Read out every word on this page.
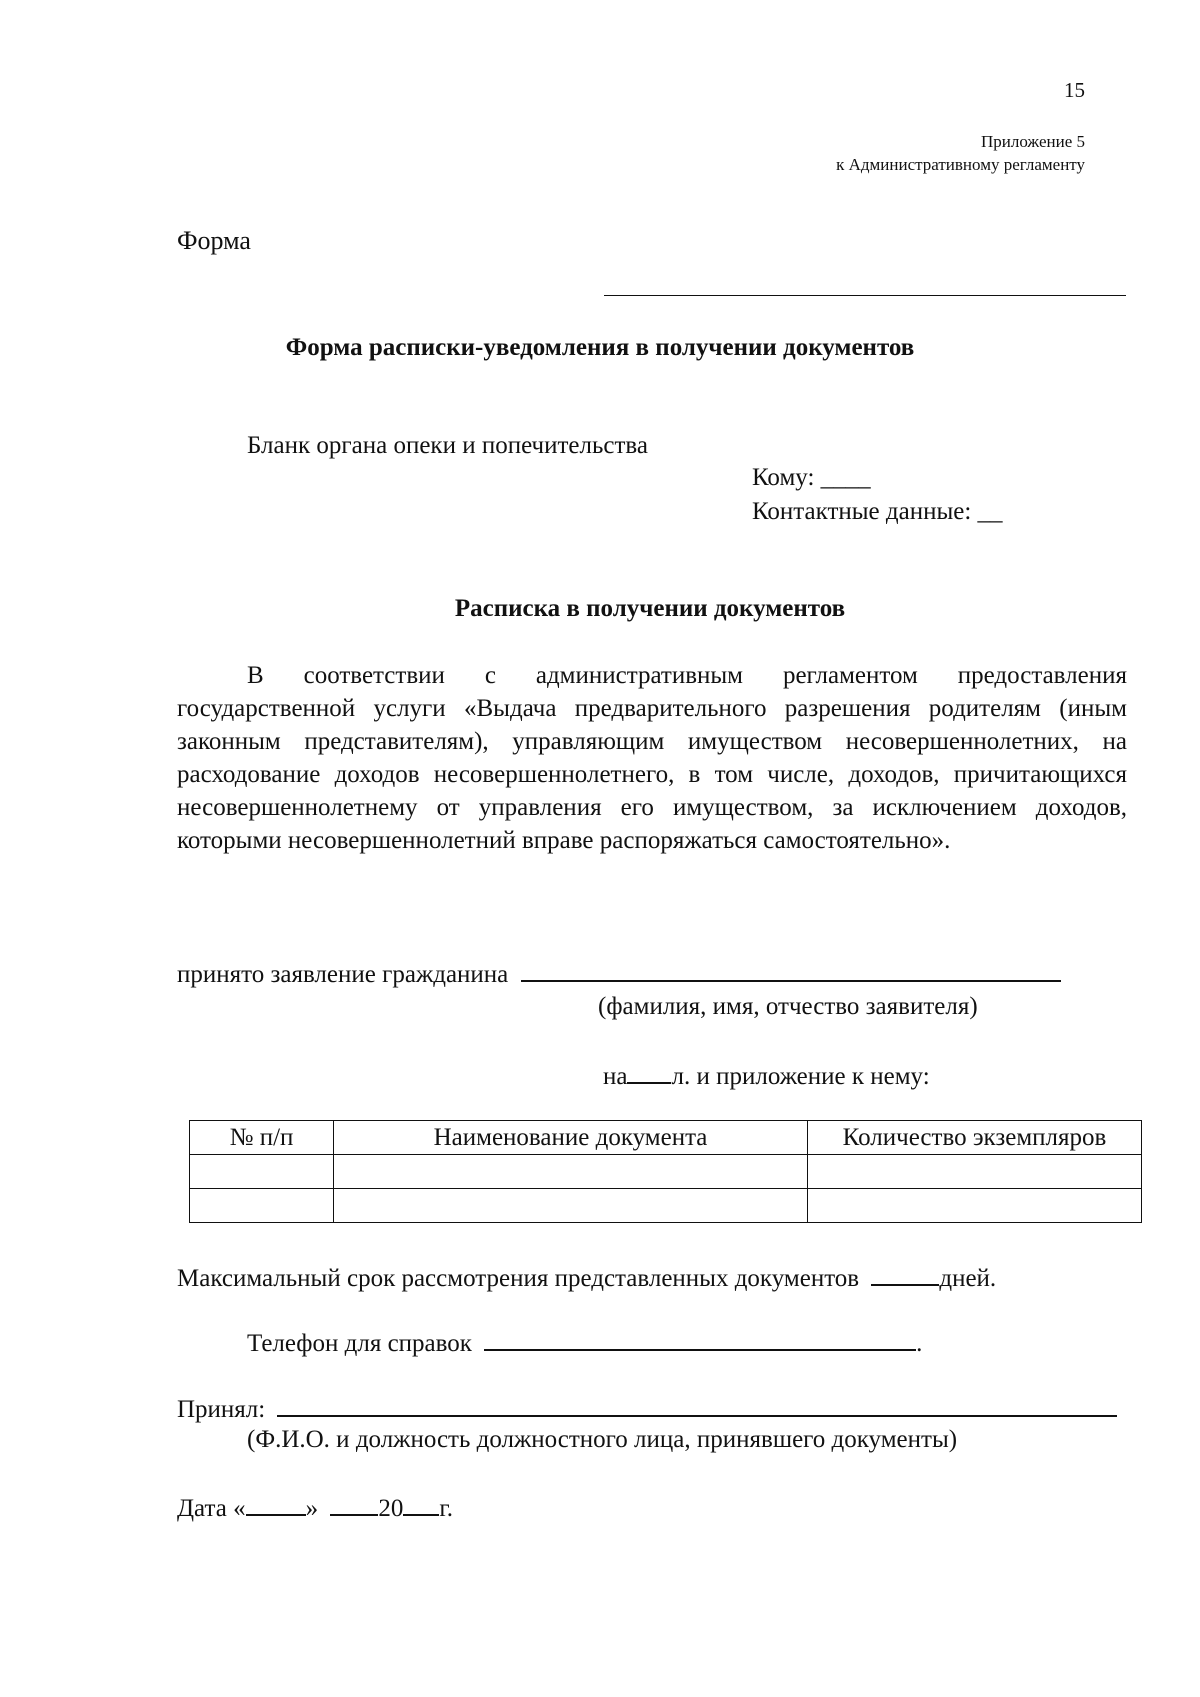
15
Приложение 5
к Административному регламенту
Форма
Форма расписки-уведомления в получении документов
Бланк органа опеки и попечительства
Кому: ____
Контактные данные: __
Расписка в получении документов
В соответствии с административным регламентом предоставления государственной услуги «Выдача предварительного разрешения родителям (иным законным представителям), управляющим имуществом несовершеннолетних, на расходование доходов несовершеннолетнего, в том числе, доходов, причитающихся несовершеннолетнему от управления его имуществом, за исключением доходов, которыми несовершеннолетний вправе распоряжаться самостоятельно».
принято заявление гражданина
(фамилия, имя, отчество заявителя)
на л. и приложение к нему:
№ п/п	Наименование документа	Количество экземпляров

Максимальный срок рассмотрения представленных документов	дней.
Телефон для справок	.
Принял:
(Ф.И.О. и должность должностного лица, принявшего документы)
Дата « » 20 г.
